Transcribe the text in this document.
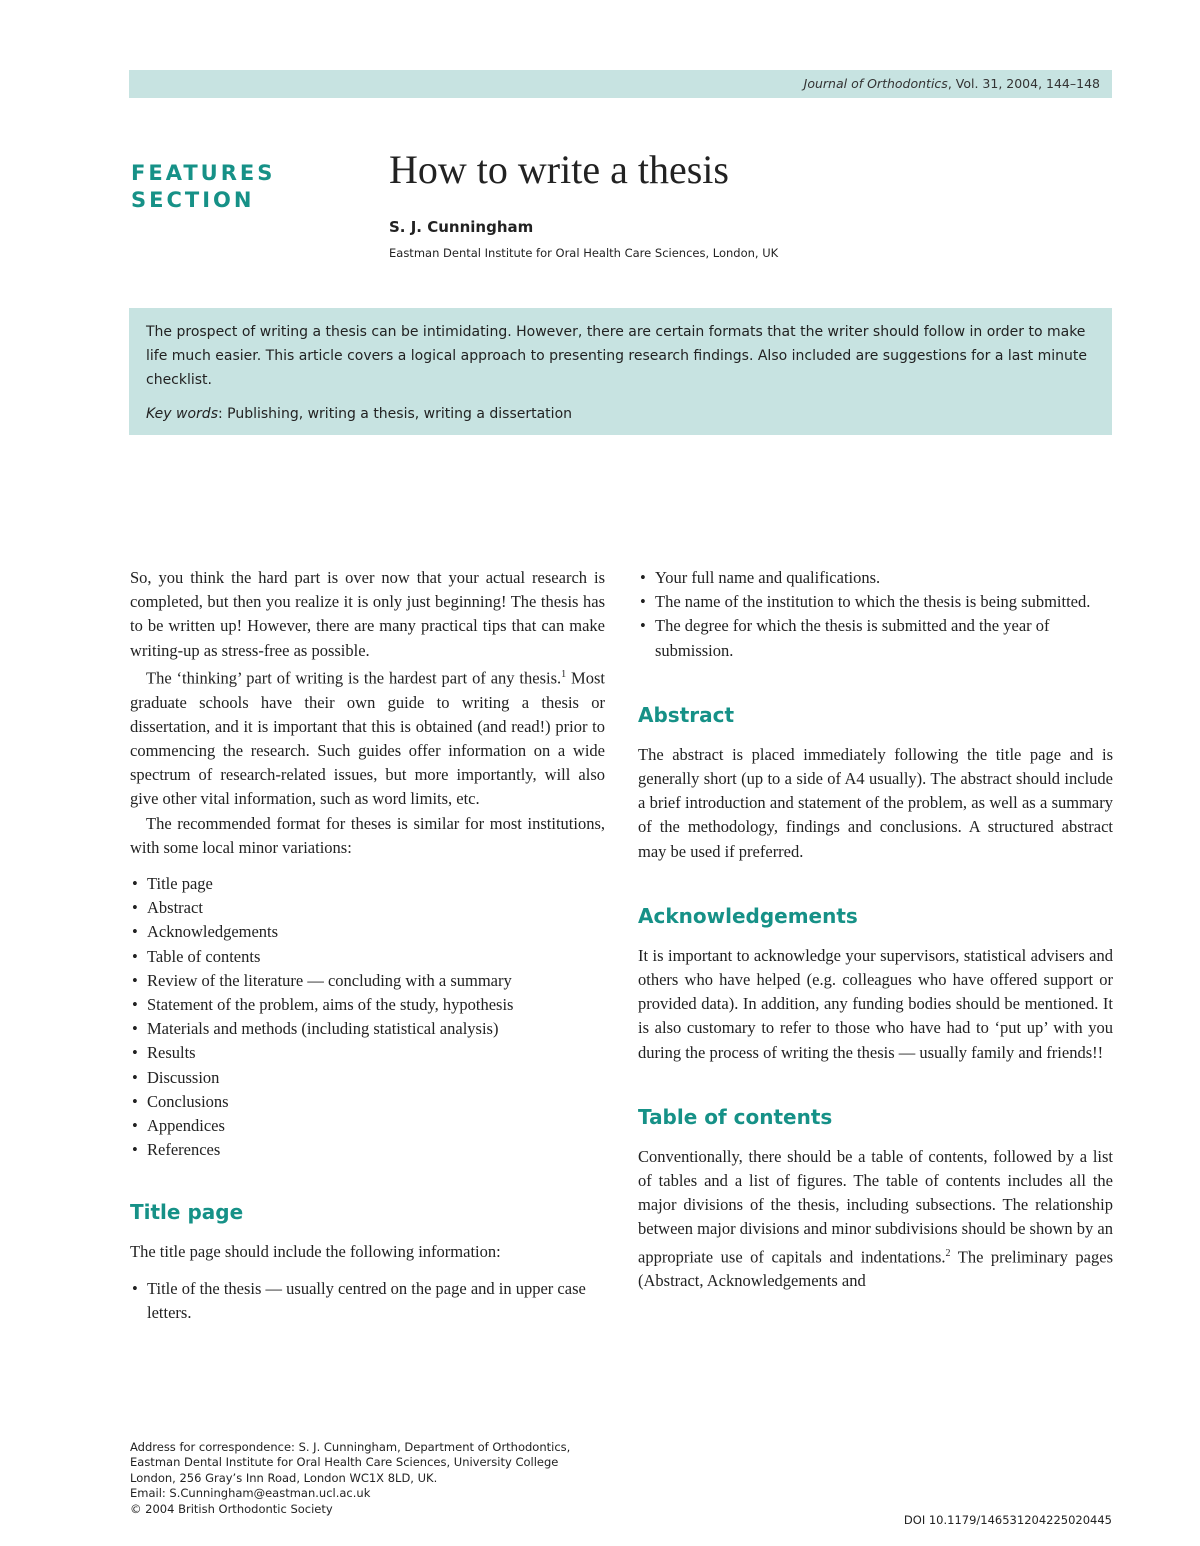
Journal of Orthodontics, Vol. 31, 2004, 144–148
FEATURES
SECTION
How to write a thesis
S. J. Cunningham
Eastman Dental Institute for Oral Health Care Sciences, London, UK

The prospect of writing a thesis can be intimidating. However, there are certain formats that the writer should follow in order to make life much easier. This article covers a logical approach to presenting research findings. Also included are suggestions for a last minute checklist.

Key words: Publishing, writing a thesis, writing a dissertation

So, you think the hard part is over now that your actual research is completed, but then you realize it is only just beginning! The thesis has to be written up! However, there are many practical tips that can make writing-up as stress-free as possible.

The ‘thinking’ part of writing is the hardest part of any thesis.$^1$ Most graduate schools have their own guide to writing a thesis or dissertation, and it is important that this is obtained (and read!) prior to commencing the research. Such guides offer information on a wide spectrum of research-related issues, but more importantly, will also give other vital information, such as word limits, etc.

The recommended format for theses is similar for most institutions, with some local minor variations:

• Title page
• Abstract
• Acknowledgements
• Table of contents
• Review of the literature — concluding with a summary
• Statement of the problem, aims of the study, hypothesis
• Materials and methods (including statistical analysis)
• Results
• Discussion
• Conclusions
• Appendices
• References
Title page

The title page should include the following information:

• Title of the thesis — usually centred on the page and in upper case letters.
• Your full name and qualifications.
• The name of the institution to which the thesis is being submitted.
• The degree for which the thesis is submitted and the year of submission.
Abstract

The abstract is placed immediately following the title page and is generally short (up to a side of A4 usually). The abstract should include a brief introduction and statement of the problem, as well as a summary of the methodology, findings and conclusions. A structured abstract may be used if preferred.

Acknowledgements

It is important to acknowledge your supervisors, statistical advisers and others who have helped (e.g. colleagues who have offered support or provided data). In addition, any funding bodies should be mentioned. It is also customary to refer to those who have had to ‘put up’ with you during the process of writing the thesis — usually family and friends!!

Table of contents

Conventionally, there should be a table of contents, followed by a list of tables and a list of figures. The table of contents includes all the major divisions of the thesis, including subsections. The relationship between major divisions and minor subdivisions should be shown by an appropriate use of capitals and indentations.$^2$ The preliminary pages (Abstract, Acknowledgements and

Address for correspondence: S. J. Cunningham, Department of Orthodontics,
Eastman Dental Institute for Oral Health Care Sciences, University College
London, 256 Gray’s Inn Road, London WC1X 8LD, UK.
Email: S.Cunningham@eastman.ucl.ac.uk
© 2004 British Orthodontic Society
DOI 10.1179/146531204225020445
